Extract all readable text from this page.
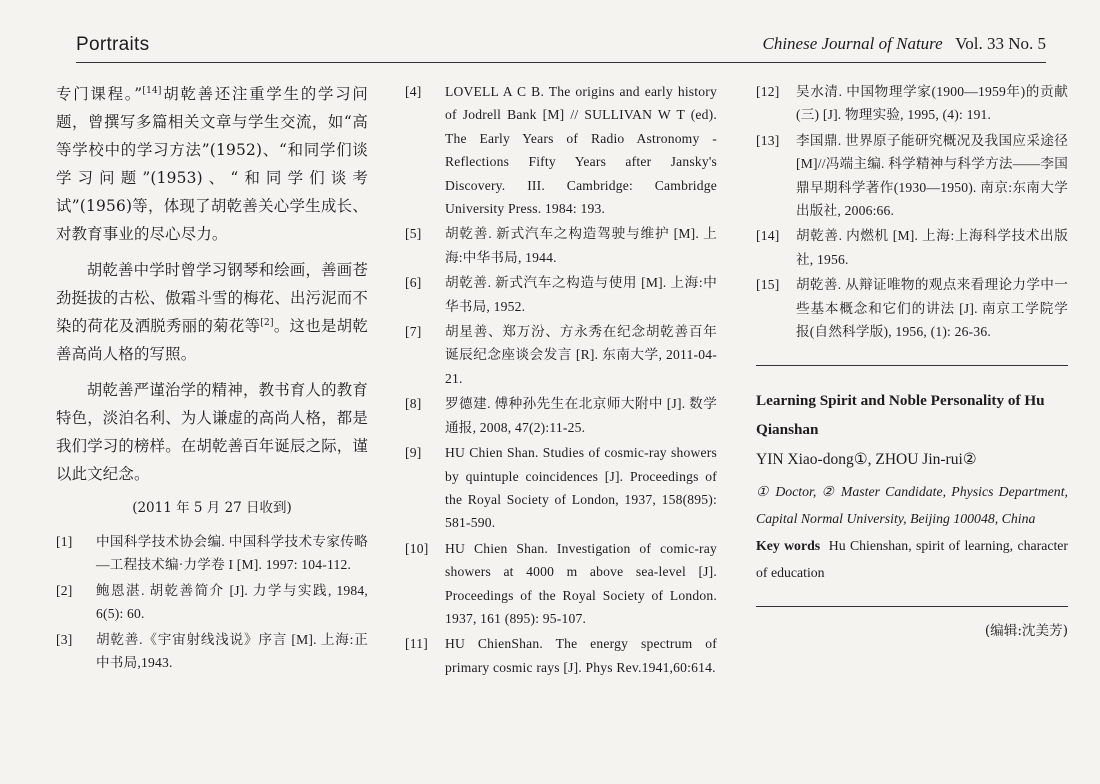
Portraits	Chinese Journal of Nature Vol. 33 No. 5

专门课程。”[14]胡乾善还注重学生的学习问题，曾撰写多篇相关文章与学生交流，如“高等学校中的学习方法”(1952)、“和同学们谈学习问题”(1953)、“和同学们谈考试”(1956)等，体现了胡乾善关心学生成长、对教育事业的尽心尽力。

胡乾善中学时曾学习钢琴和绘画，善画苍劲挺拔的古松、傲霜斗雪的梅花、出污泥而不染的荷花及洒脱秀丽的菊花等[2]。这也是胡乾善高尚人格的写照。

胡乾善严谨治学的精神，教书育人的教育特色，淡泊名利、为人谦虚的高尚人格，都是我们学习的榜样。在胡乾善百年诞辰之际，谨以此文纪念。

(2011 年 5 月 27 日收到)
[1]	中国科学技术协会编. 中国科学技术专家传略—工程技术编·力学卷 I [M]. 1997: 104-112.
[2]	鲍恩湛. 胡乾善简介 [J]. 力学与实践, 1984, 6(5): 60.
[3]	胡乾善.《宇宙射线浅说》序言 [M]. 上海:正中书局,1943.
[4]	LOVELL A C B. The origins and early history of Jodrell Bank [M] // SULLIVAN W T (ed). The Early Years of Radio Astronomy - Reflections Fifty Years after Jansky's Discovery. III. Cambridge: Cambridge University Press. 1984: 193.
[5]	胡乾善. 新式汽车之构造驾驶与维护 [M]. 上海:中华书局, 1944.
[6]	胡乾善. 新式汽车之构造与使用 [M]. 上海:中华书局, 1952.
[7]	胡星善、郑万汾、方永秀在纪念胡乾善百年诞辰纪念座谈会发言 [R]. 东南大学, 2011-04-21.
[8]	罗德建. 傅种孙先生在北京师大附中 [J]. 数学通报, 2008, 47(2):11-25.
[9]	HU Chien Shan. Studies of cosmic-ray showers by quintuple coincidences [J]. Proceedings of the Royal Society of London, 1937, 158(895): 581-590.
[10]	HU Chien Shan. Investigation of comic-ray showers at 4000 m above sea-level [J]. Proceedings of the Royal Society of London. 1937, 161 (895): 95-107.
[11]	HU ChienShan. The energy spectrum of primary cosmic rays [J]. Phys Rev.1941,60:614.
[12]	吴水清. 中国物理学家(1900—1959年)的贡献(三) [J]. 物理实验, 1995, (4): 191.
[13]	李国鼎. 世界原子能研究概况及我国应采途径 [M]//冯端主编. 科学精神与科学方法——李国鼎早期科学著作(1930—1950). 南京:东南大学出版社, 2006:66.
[14]	胡乾善. 内燃机 [M]. 上海:上海科学技术出版社, 1956.
[15]	胡乾善. 从辩证唯物的观点来看理论力学中一些基本概念和它们的讲法 [J]. 南京工学院学报(自然科学版), 1956, (1): 26-36.

Learning Spirit and Noble Personality of Hu Qianshan

YIN Xiao-dong①, ZHOU Jin-rui②

① Doctor, ② Master Candidate, Physics Department, Capital Normal University, Beijing 100048, China

Key words Hu Chienshan, spirit of learning, character of education

(编辑:沈美芳)
